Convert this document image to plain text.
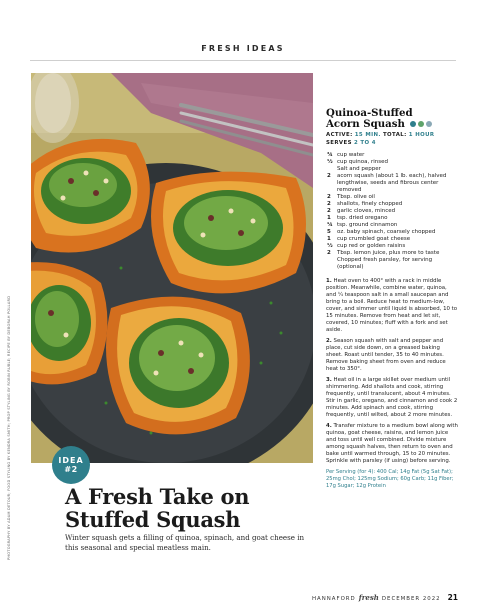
FRESH IDEAS
PHOTOGRAPHY BY ADAM DETOUR; FOOD STYLING BY KENDRA SMITH; PROP STYLING BY ROBIN RUBLE; RECIPE BY DEBORAH POLLARD	IDEA
#2
A Fresh Take on
Stuffed Squash
Winter squash gets a filling of quinoa, spinach, and goat cheese in this seasonal and special meatless main.
Quinoa-Stuffed
Acorn Squash
ACTIVE: 15 MIN. TOTAL: 1 HOUR
SERVES 2 TO 4
¾ cup water
½ cup quinoa, rinsed
Salt and pepper
2	acorn squash (about 1 lb. each), halved lengthwise, seeds and fibrous center removed
2	Tbsp. olive oil
2	shallots, finely chopped
2	garlic cloves, minced
1	tsp. dried oregano
¼ tsp. ground cinnamon
5	oz. baby spinach, coarsely chopped
1	cup crumbled goat cheese
½ cup red or golden raisins
2	Tbsp. lemon juice, plus more to taste
Chopped fresh parsley, for serving (optional)
1. Heat oven to 400° with a rack in middle position. Meanwhile, combine water, quinoa, and ¼ teaspoon salt in a small saucepan and bring to a boil. Reduce heat to medium-low, cover, and simmer until liquid is absorbed, 10 to 15 minutes. Remove from heat and let sit, covered, 10 minutes; fluff with a fork and set aside.
2. Season squash with salt and pepper and place, cut side down, on a greased baking sheet. Roast until tender, 35 to 40 minutes. Remove baking sheet from oven and reduce heat to 350°.
3. Heat oil in a large skillet over medium until shimmering. Add shallots and cook, stirring frequently, until translucent, about 4 minutes. Stir in garlic, oregano, and cinnamon and cook 2 minutes. Add spinach and cook, stirring frequently, until wilted, about 2 more minutes.
4. Transfer mixture to a medium bowl along with quinoa, goat cheese, raisins, and lemon juice and toss until well combined. Divide mixture among squash halves, then return to oven and bake until warmed through, 15 to 20 minutes. Sprinkle with parsley (if using) before serving.
Per Serving (for 4): 400 Cal; 14g Fat (5g Sat Fat); 25mg Chol; 125mg Sodium; 60g Carb; 11g Fiber; 17g Sugar; 12g Protein
HANNAFORD fresh DECEMBER 2022 21
